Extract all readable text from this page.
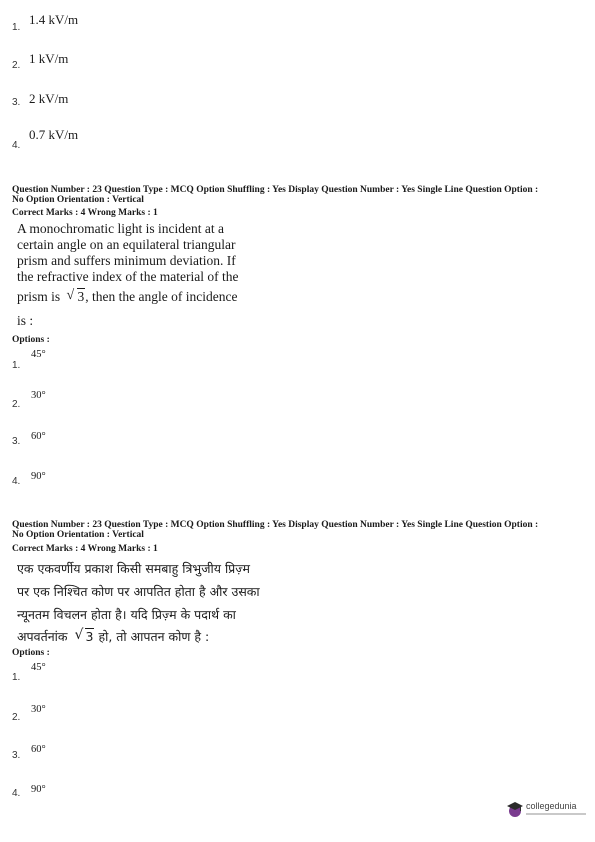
1.
1.4 kV/m
2. 1 kV/m
3. 2 kV/m
4.
0.7 kV/m
Question Number : 23 Question Type : MCQ Option Shuffling : Yes Display Question Number : Yes Single Line Question Option :
No Option Orientation : Vertical
Correct Marks : 4 Wrong Marks : 1
A monochromatic light is incident at a
certain angle on an equilateral triangular
prism and suffers minimum deviation. If
the refractive index of the material of the
prism is √ 3, then the angle of incidence
is :
Options :
1.
45°
2.
30°
3. 60°
4. 90°
Question Number : 23 Question Type : MCQ Option Shuffling : Yes Display Question Number : Yes Single Line Question Option :
No Option Orientation : Vertical
Correct Marks : 4 Wrong Marks : 1
एक एकवर्णीय प्रकाश किसी समबाहु त्रिभुजीय प्रिज़्म
पर एक निश्चित कोण पर आपतित होता है और उसका
न्यूनतम विचलन होता है। यदि प्रिज़्म के पदार्थ का
अपवर्तनांक √ 3 हो, तो आपतन कोण है :
Options :
1.
45°
2.
30°
3.
60°
4. 90°
collegedunia
